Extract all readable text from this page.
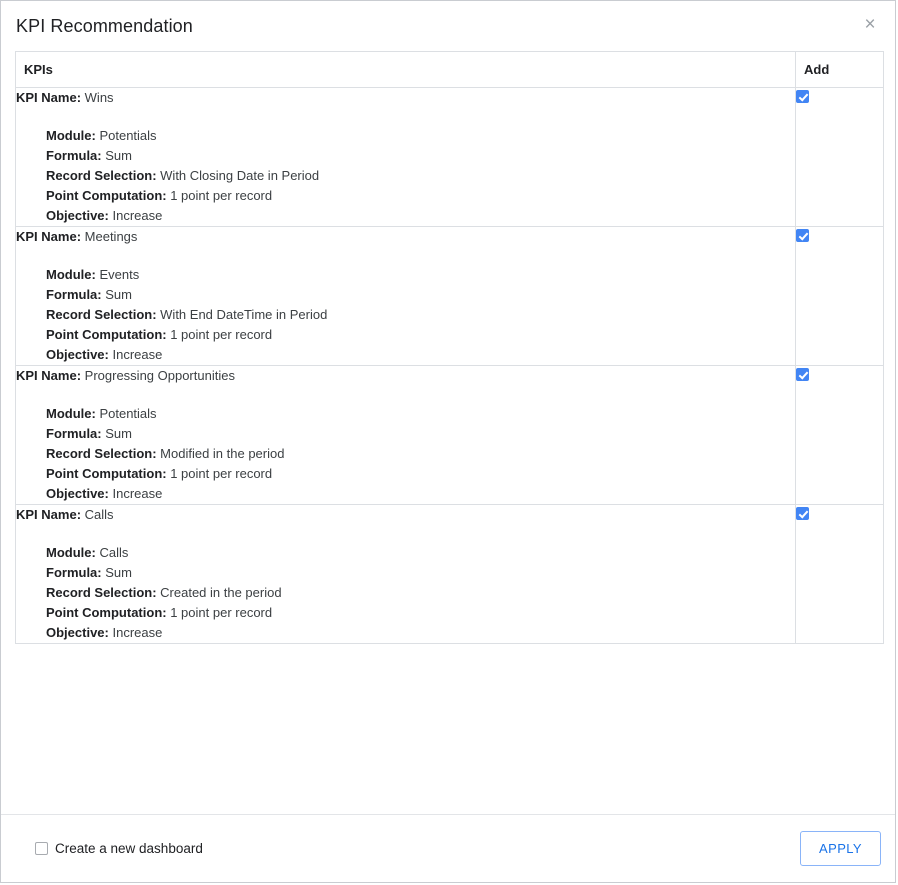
KPI Recommendation	×
KPIs	Add

KPI Name: Wins
Module: Potentials
Formula: Sum
Record Selection: With Closing Date in Period
Point Computation: 1 point per record
Objective: Increase

KPI Name: Meetings
Module: Events
Formula: Sum
Record Selection: With End DateTime in Period
Point Computation: 1 point per record
Objective: Increase

KPI Name: Progressing Opportunities
Module: Potentials
Formula: Sum
Record Selection: Modified in the period
Point Computation: 1 point per record
Objective: Increase

KPI Name: Calls
Module: Calls
Formula: Sum
Record Selection: Created in the period
Point Computation: 1 point per record
Objective: Increase

Create a new dashboard	APPLY
